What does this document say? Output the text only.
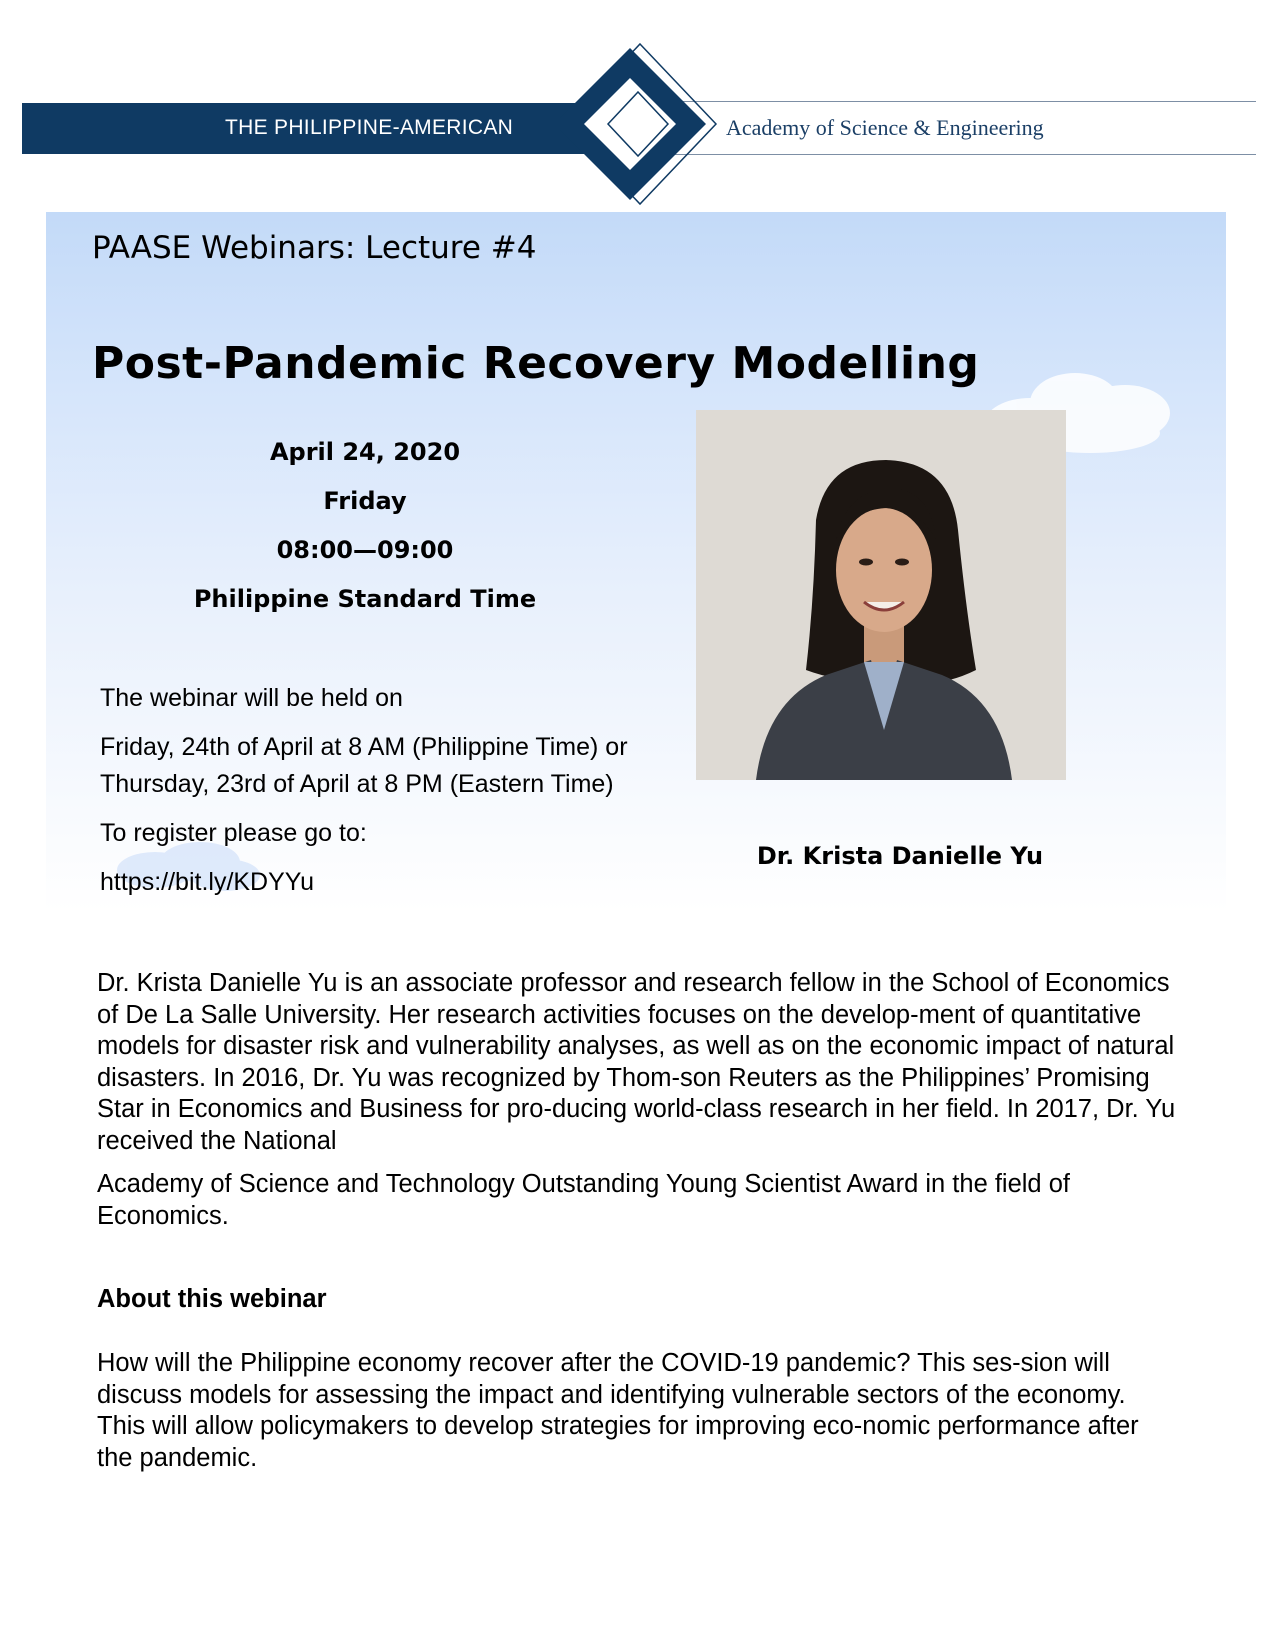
THE PHILIPPINE-AMERICAN	Academy of Science & Engineering
PAASE Webinars: Lecture #4
Post-Pandemic Recovery Modelling
April 24, 2020
Friday
08:00—09:00
Philippine Standard Time
The webinar will be held on
Friday, 24th of April at 8 AM (Philippine Time) or Thursday, 23rd of April at 8 PM (Eastern Time)
To register please go to:
https://bit.ly/KDYYu
Dr. Krista Danielle Yu

Dr. Krista Danielle Yu is an associate professor and research fellow in the School of Economics of De La Salle University. Her research activities focuses on the develop-ment of quantitative models for disaster risk and vulnerability analyses, as well as on the economic impact of natural disasters. In 2016, Dr. Yu was recognized by Thom-son Reuters as the Philippines’ Promising Star in Economics and Business for pro-ducing world-class research in her field. In 2017, Dr. Yu received the National

Academy of Science and Technology Outstanding Young Scientist Award in the field of Economics.

About this webinar
How will the Philippine economy recover after the COVID-19 pandemic? This ses-sion will discuss models for assessing the impact and identifying vulnerable sectors of the economy. This will allow policymakers to develop strategies for improving eco-nomic performance after the pandemic.
